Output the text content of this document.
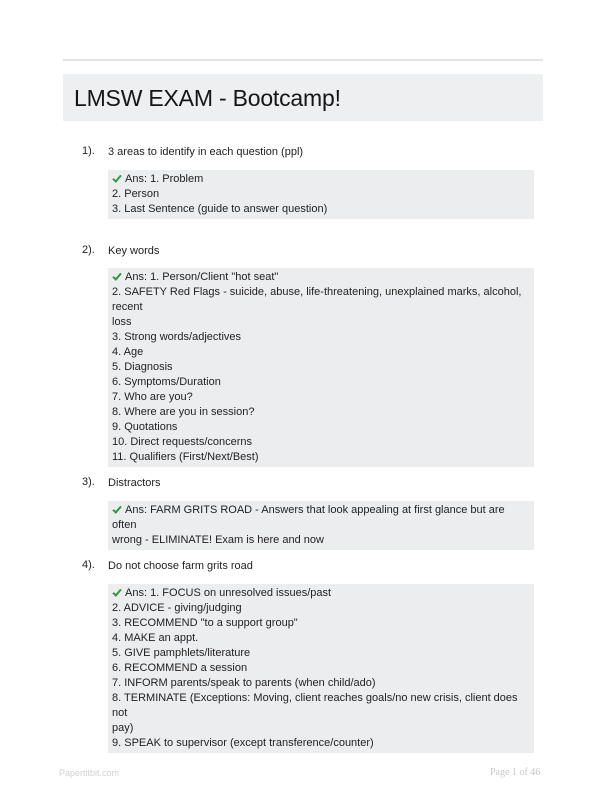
LMSW EXAM - Bootcamp!
1). 3 areas to identify in each question (ppl)
Ans: 1. Problem
2. Person
3. Last Sentence (guide to answer question)
2). Key words
Ans: 1. Person/Client "hot seat"
2. SAFETY Red Flags - suicide, abuse, life-threatening, unexplained marks, alcohol, recent
loss
3. Strong words/adjectives
4. Age
5. Diagnosis
6. Symptoms/Duration
7. Who are you?
8. Where are you in session?
9. Quotations
10. Direct requests/concerns
11. Qualifiers (First/Next/Best)
3). Distractors
Ans: FARM GRITS ROAD - Answers that look appealing at first glance but are often
wrong - ELIMINATE! Exam is here and now
4). Do not choose farm grits road
Ans: 1. FOCUS on unresolved issues/past
2. ADVICE - giving/judging
3. RECOMMEND "to a support group"
4. MAKE an appt.
5. GIVE pamphlets/literature
6. RECOMMEND a session
7. INFORM parents/speak to parents (when child/ado)
8. TERMINATE (Exceptions: Moving, client reaches goals/no new crisis, client does not
pay)
9. SPEAK to supervisor (except transference/counter)
Papertitbit.com	Page 1 of 46
